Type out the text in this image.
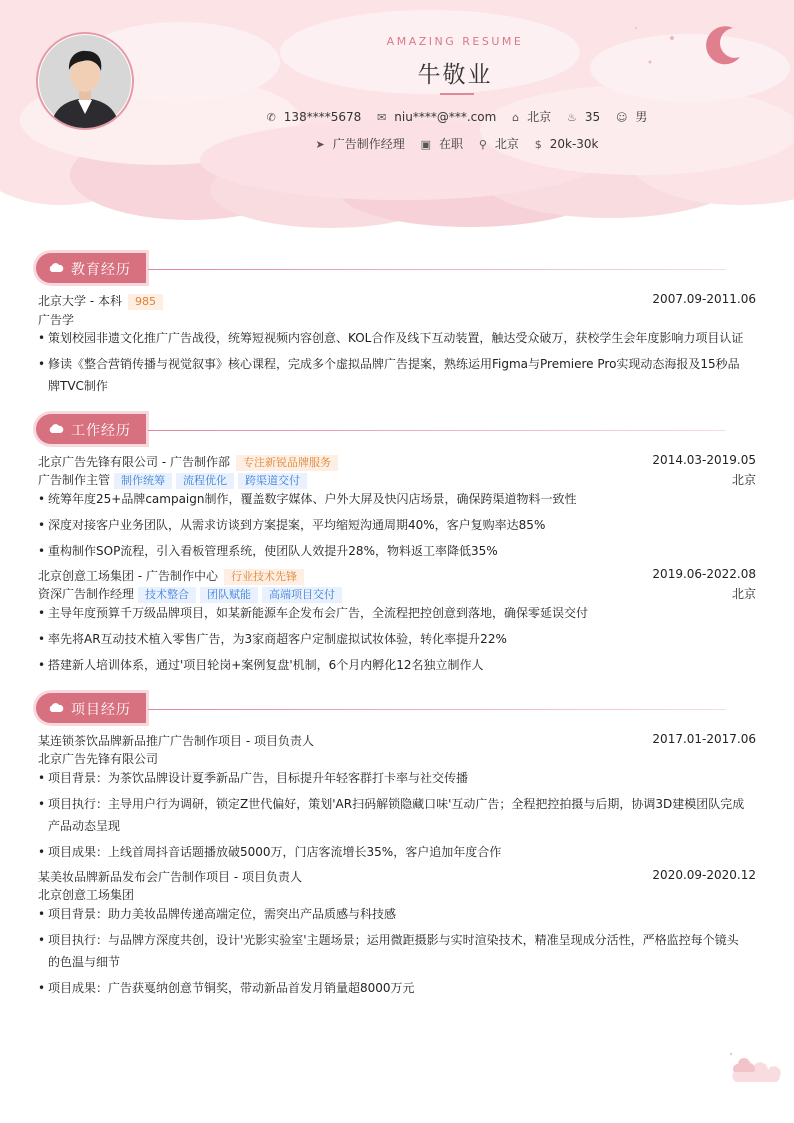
AMAZING RESUME
牛敬业
✆ 138****5678 ✉ niu****@***.com ⌂ 北京 ♨ 35 ☺ 男
➤ 广告制作经理 ▣ 在职 ⚲ 北京 $ 20k-30k
教育经历
北京大学 - 本科 985	2007.09-2011.06
广告学
• 策划校园非遗文化推广广告战役，统筹短视频内容创意、KOL合作及线下互动装置，触达受众破万，获校学生会年度影响力项目认证
• 修读《整合营销传播与视觉叙事》核心课程，完成多个虚拟品牌广告提案，熟练运用Figma与Premiere Pro实现动态海报及15秒品牌TVC制作
工作经历
北京广告先锋有限公司 - 广告制作部 专注新锐品牌服务	2014.03-2019.05
广告制作主管 制作统筹 流程优化 跨渠道交付	北京
• 统筹年度25+品牌campaign制作，覆盖数字媒体、户外大屏及快闪店场景，确保跨渠道物料一致性
• 深度对接客户业务团队，从需求访谈到方案提案，平均缩短沟通周期40%，客户复购率达85%
• 重构制作SOP流程，引入看板管理系统，使团队人效提升28%，物料返工率降低35%
北京创意工场集团 - 广告制作中心 行业技术先锋	2019.06-2022.08
资深广告制作经理 技术整合 团队赋能 高端项目交付	北京
• 主导年度预算千万级品牌项目，如某新能源车企发布会广告，全流程把控创意到落地，确保零延误交付
• 率先将AR互动技术植入零售广告，为3家商超客户定制虚拟试妆体验，转化率提升22%
• 搭建新人培训体系，通过'项目轮岗+案例复盘'机制，6个月内孵化12名独立制作人
项目经历
某连锁茶饮品牌新品推广广告制作项目 - 项目负责人	2017.01-2017.06
北京广告先锋有限公司
• 项目背景：为茶饮品牌设计夏季新品广告，目标提升年轻客群打卡率与社交传播
• 项目执行：主导用户行为调研，锁定Z世代偏好，策划'AR扫码解锁隐藏口味'互动广告；全程把控拍摄与后期，协调3D建模团队完成产品动态呈现
• 项目成果：上线首周抖音话题播放破5000万，门店客流增长35%，客户追加年度合作
某美妆品牌新品发布会广告制作项目 - 项目负责人	2020.09-2020.12
北京创意工场集团
• 项目背景：助力美妆品牌传递高端定位，需突出产品质感与科技感
• 项目执行：与品牌方深度共创，设计'光影实验室'主题场景；运用微距摄影与实时渲染技术，精准呈现成分活性，严格监控每个镜头的色温与细节
• 项目成果：广告获戛纳创意节铜奖，带动新品首发月销量超8000万元
